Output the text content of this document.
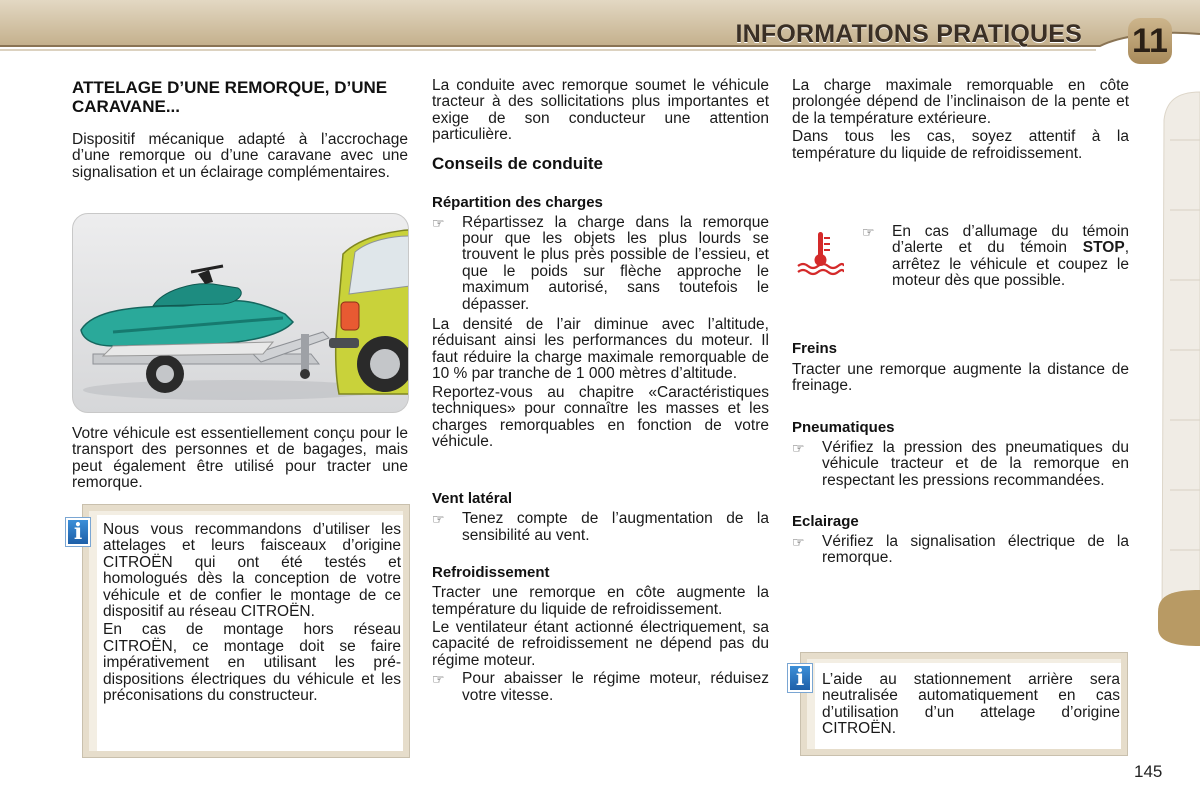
INFORMATIONS PRATIQUES 11
ATTELAGE D’UNE REMORQUE, D’UNE CARAVANE...
Dispositif mécanique adapté à l’accrochage d’une remorque ou d’une caravane avec une signalisation et un éclairage complémentaires.
Votre véhicule est essentiellement conçu pour le transport des personnes et de bagages, mais peut également être utilisé pour tracter une remorque.
i	Nous vous recommandons d’utiliser les attelages et leurs faisceaux d’origine CITROËN qui ont été testés et homologués dès la conception de votre véhicule et de confier le montage de ce dispositif au réseau CITROËN.
En cas de montage hors réseau CITROËN, ce montage doit se faire impérativement en utilisant les pré-dispositions électriques du véhicule et les préconisations du constructeur.
La conduite avec remorque soumet le véhicule tracteur à des sollicitations plus importantes et exige de son conducteur une attention particulière.
Conseils de conduite
Répartition des charges
☞ Répartissez la charge dans la remorque pour que les objets les plus lourds se trouvent le plus près possible de l’essieu, et que le poids sur flèche approche le maximum autorisé, sans toutefois le dépasser.
La densité de l’air diminue avec l’altitude, réduisant ainsi les performances du moteur. Il faut réduire la charge maximale remorquable de 10 % par tranche de 1 000 mètres d’altitude.
Reportez-vous au chapitre «Caractéristiques techniques» pour connaître les masses et les charges remorquables en fonction de votre véhicule.
Vent latéral
☞ Tenez compte de l’augmentation de la sensibilité au vent.
Refroidissement
Tracter une remorque en côte augmente la température du liquide de refroidissement.
Le ventilateur étant actionné électriquement, sa capacité de refroidissement ne dépend pas du régime moteur.
☞ Pour abaisser le régime moteur, réduisez votre vitesse.
La charge maximale remorquable en côte prolongée dépend de l’inclinaison de la pente et de la température extérieure.
Dans tous les cas, soyez attentif à la température du liquide de refroidissement.
☞ En cas d’allumage du témoin d’alerte et du témoin STOP, arrêtez le véhicule et coupez le moteur dès que possible.
Freins
Tracter une remorque augmente la distance de freinage.
Pneumatiques
☞ Vérifiez la pression des pneumatiques du véhicule tracteur et de la remorque en respectant les pressions recommandées.
Eclairage
☞ Vérifiez la signalisation électrique de la remorque.
i	L’aide au stationnement arrière sera neutralisée automatiquement en cas d’utilisation d’un attelage d’origine CITROËN.
145
